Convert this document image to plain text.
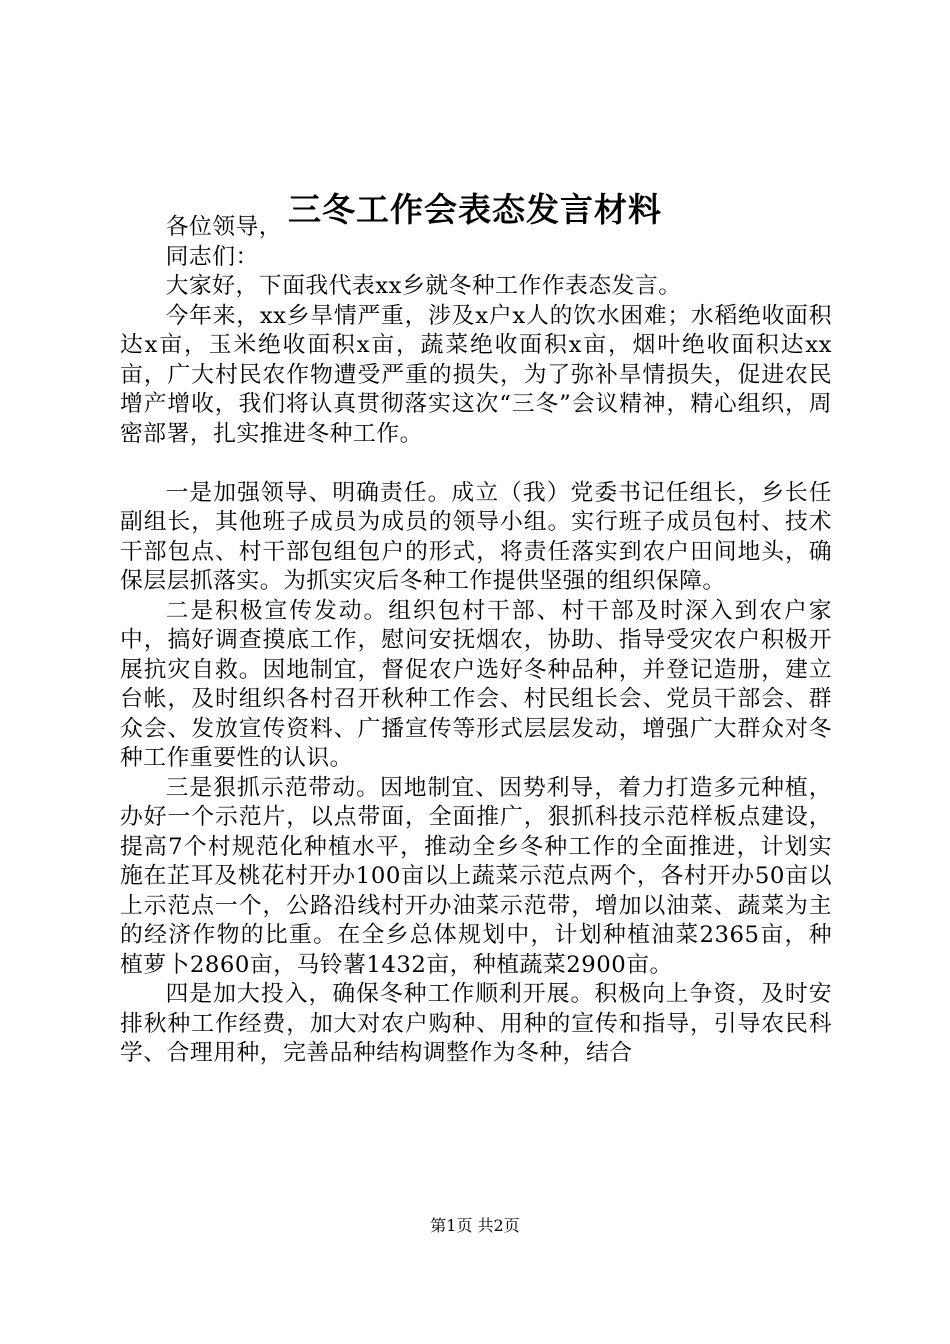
三冬工作会表态发言材料

各位领导，

同志们：

大家好，下面我代表xx乡就冬种工作作表态发言。

今年来，xx乡旱情严重，涉及x户x人的饮水困难；水稻绝收面积达x亩，玉米绝收面积x亩，蔬菜绝收面积x亩，烟叶绝收面积达xx亩，广大村民农作物遭受严重的损失，为了弥补旱情损失，促进农民增产增收，我们将认真贯彻落实这次“三冬”会议精神，精心组织，周密部署，扎实推进冬种工作。

一是加强领导、明确责任。成立（我）党委书记任组长，乡长任副组长，其他班子成员为成员的领导小组。实行班子成员包村、技术干部包点、村干部包组包户的形式，将责任落实到农户田间地头，确保层层抓落实。为抓实灾后冬种工作提供坚强的组织保障。

二是积极宣传发动。组织包村干部、村干部及时深入到农户家中，搞好调查摸底工作，慰问安抚烟农，协助、指导受灾农户积极开展抗灾自救。因地制宜，督促农户选好冬种品种，并登记造册，建立台帐，及时组织各村召开秋种工作会、村民组长会、党员干部会、群众会、发放宣传资料、广播宣传等形式层层发动，增强广大群众对冬种工作重要性的认识。

三是狠抓示范带动。因地制宜、因势利导，着力打造多元种植，办好一个示范片，以点带面，全面推广，狠抓科技示范样板点建设，提高7个村规范化种植水平，推动全乡冬种工作的全面推进，计划实施在芷耳及桃花村开办100亩以上蔬菜示范点两个，各村开办50亩以上示范点一个，公路沿线村开办油菜示范带，增加以油菜、蔬菜为主的经济作物的比重。在全乡总体规划中，计划种植油菜2365亩，种植萝卜2860亩，马铃薯1432亩，种植蔬菜2900亩。

四是加大投入，确保冬种工作顺利开展。积极向上争资，及时安排秋种工作经费，加大对农户购种、用种的宣传和指导，引导农民科学、合理用种，完善品种结构调整作为冬种，结合

第1页 共2页
